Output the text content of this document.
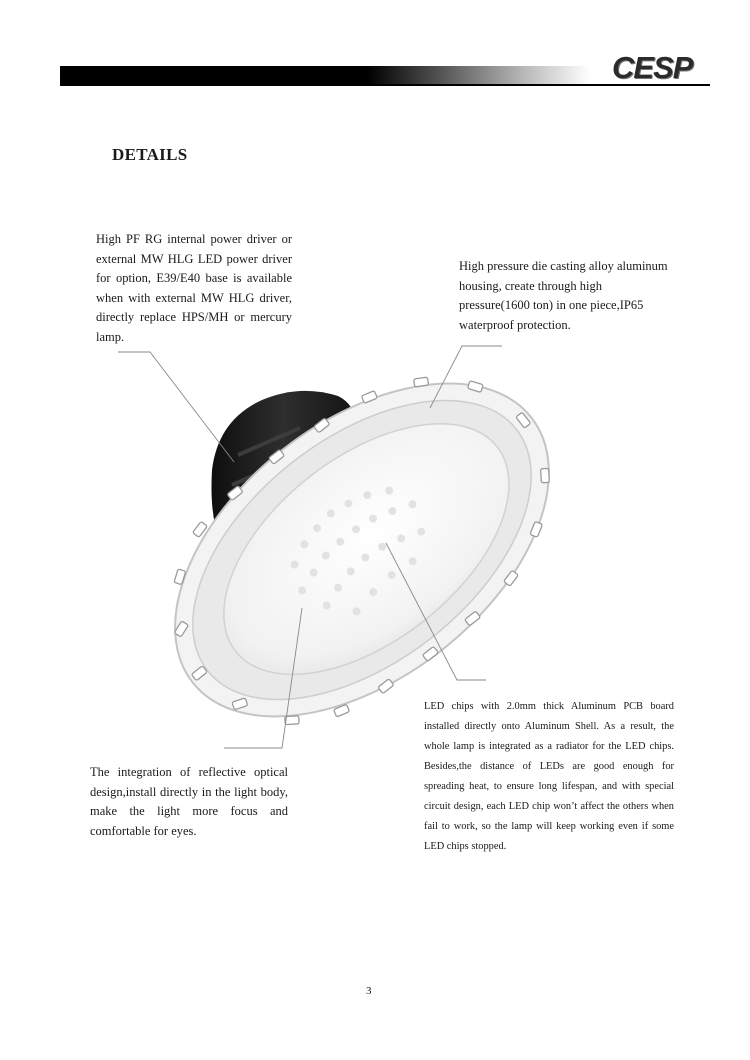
CESP
DETAILS
High PF RG internal power driver or external MW HLG LED power driver for option, E39/E40 base is available when with external MW HLG driver, directly replace HPS/MH or mercury lamp.
High pressure die casting alloy aluminum housing, create through high pressure(1600 ton) in one piece,IP65 waterproof protection.
LED chips with 2.0mm thick Aluminum PCB board installed directly onto Aluminum Shell. As a result, the whole lamp is integrated as a radiator for the LED chips. Besides,the distance of LEDs are good enough for spreading heat, to ensure long lifespan, and with special circuit design, each LED chip won’t affect the others when fail to work, so the lamp will keep working even if some LED chips stopped.
The integration of reflective optical design,install directly in the light body, make the light more focus and comfortable for eyes.
3
